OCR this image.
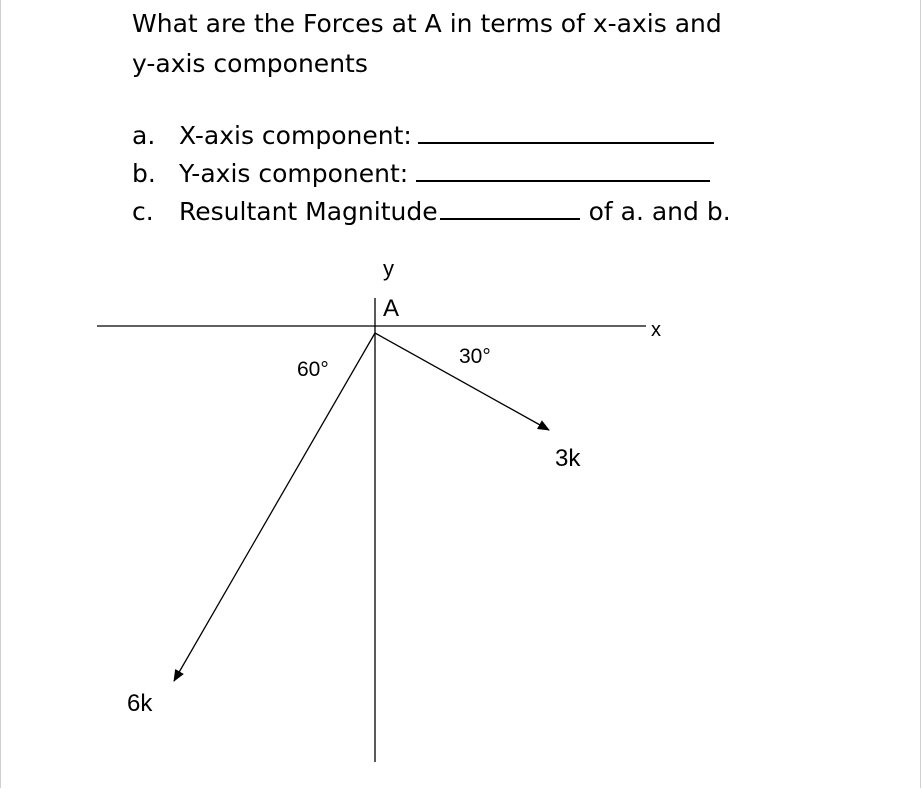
What are the Forces at A in terms of x-axis and
y-axis components
a. X-axis component:
b. Y-axis component:
c. Resultant Magnitude	of a. and b.
y
A
x
30°
60°
3k
6k
